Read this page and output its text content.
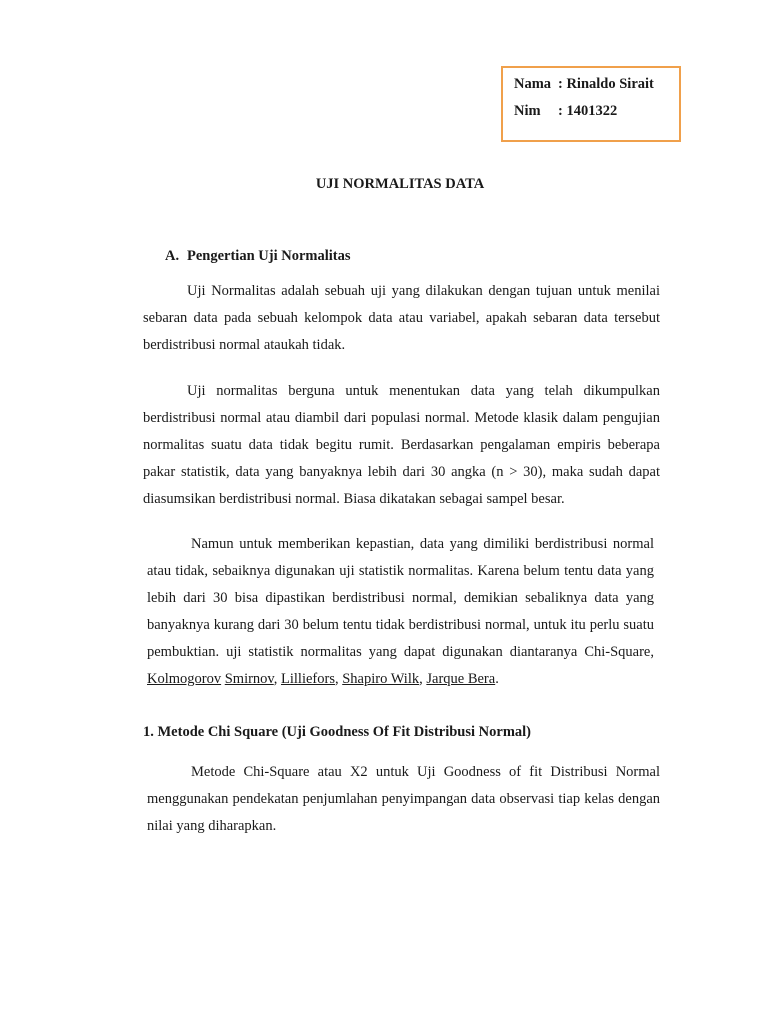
Nama : Rinaldo Sirait
Nim : 1401322
UJI NORMALITAS DATA
A. Pengertian Uji Normalitas
Uji Normalitas adalah sebuah uji yang dilakukan dengan tujuan untuk menilai sebaran data pada sebuah kelompok data atau variabel, apakah sebaran data tersebut berdistribusi normal ataukah tidak.
Uji normalitas berguna untuk menentukan data yang telah dikumpulkan berdistribusi normal atau diambil dari populasi normal. Metode klasik dalam pengujian normalitas suatu data tidak begitu rumit. Berdasarkan pengalaman empiris beberapa pakar statistik, data yang banyaknya lebih dari 30 angka (n > 30), maka sudah dapat diasumsikan berdistribusi normal. Biasa dikatakan sebagai sampel besar.
Namun untuk memberikan kepastian, data yang dimiliki berdistribusi normal atau tidak, sebaiknya digunakan uji statistik normalitas. Karena belum tentu data yang lebih dari 30 bisa dipastikan berdistribusi normal, demikian sebaliknya data yang banyaknya kurang dari 30 belum tentu tidak berdistribusi normal, untuk itu perlu suatu pembuktian. uji statistik normalitas yang dapat digunakan diantaranya Chi-Square, Kolmogorov Smirnov, Lilliefors, Shapiro Wilk, Jarque Bera.
1. Metode Chi Square (Uji Goodness Of Fit Distribusi Normal)
Metode Chi-Square atau X2 untuk Uji Goodness of fit Distribusi Normal menggunakan pendekatan penjumlahan penyimpangan data observasi tiap kelas dengan nilai yang diharapkan.
